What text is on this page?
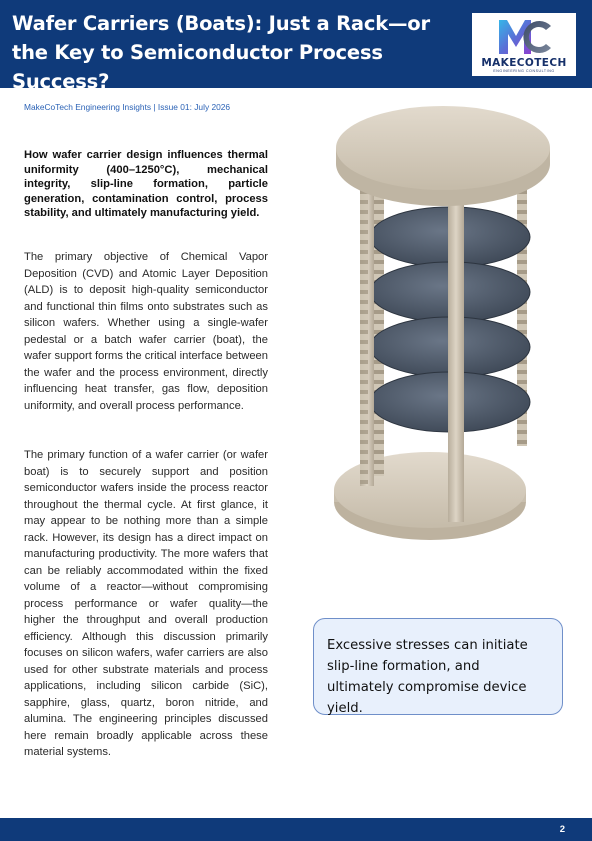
Wafer Carriers (Boats): Just a Rack—or the Key to Semiconductor Process Success?
MAKECOTECH
ENGINEERING CONSULTING
MakeCoTech Engineering Insights | Issue 01: July 2026
How wafer carrier design influences thermal uniformity (400–1250°C), mechanical integrity, slip-line formation, particle generation, contamination control, process stability, and ultimately manufacturing yield.
The primary objective of Chemical Vapor Deposition (CVD) and Atomic Layer Deposition (ALD) is to deposit high-quality semiconductor and functional thin films onto substrates such as silicon wafers. Whether using a single-wafer pedestal or a batch wafer carrier (boat), the wafer support forms the critical interface between the wafer and the process environment, directly influencing heat transfer, gas flow, deposition uniformity, and overall process performance.
The primary function of a wafer carrier (or wafer boat) is to securely support and position semiconductor wafers inside the process reactor throughout the thermal cycle. At first glance, it may appear to be nothing more than a simple rack. However, its design has a direct impact on manufacturing productivity. The more wafers that can be reliably accommodated within the fixed volume of a reactor—without compromising process performance or wafer quality—the higher the throughput and overall production efficiency. Although this discussion primarily focuses on silicon wafers, wafer carriers are also used for other substrate materials and process applications, including silicon carbide (SiC), sapphire, glass, quartz, boron nitride, and alumina. The engineering principles discussed here remain broadly applicable across these material systems.
Excessive stresses can initiate slip-line formation, and ultimately compromise device yield.
2
